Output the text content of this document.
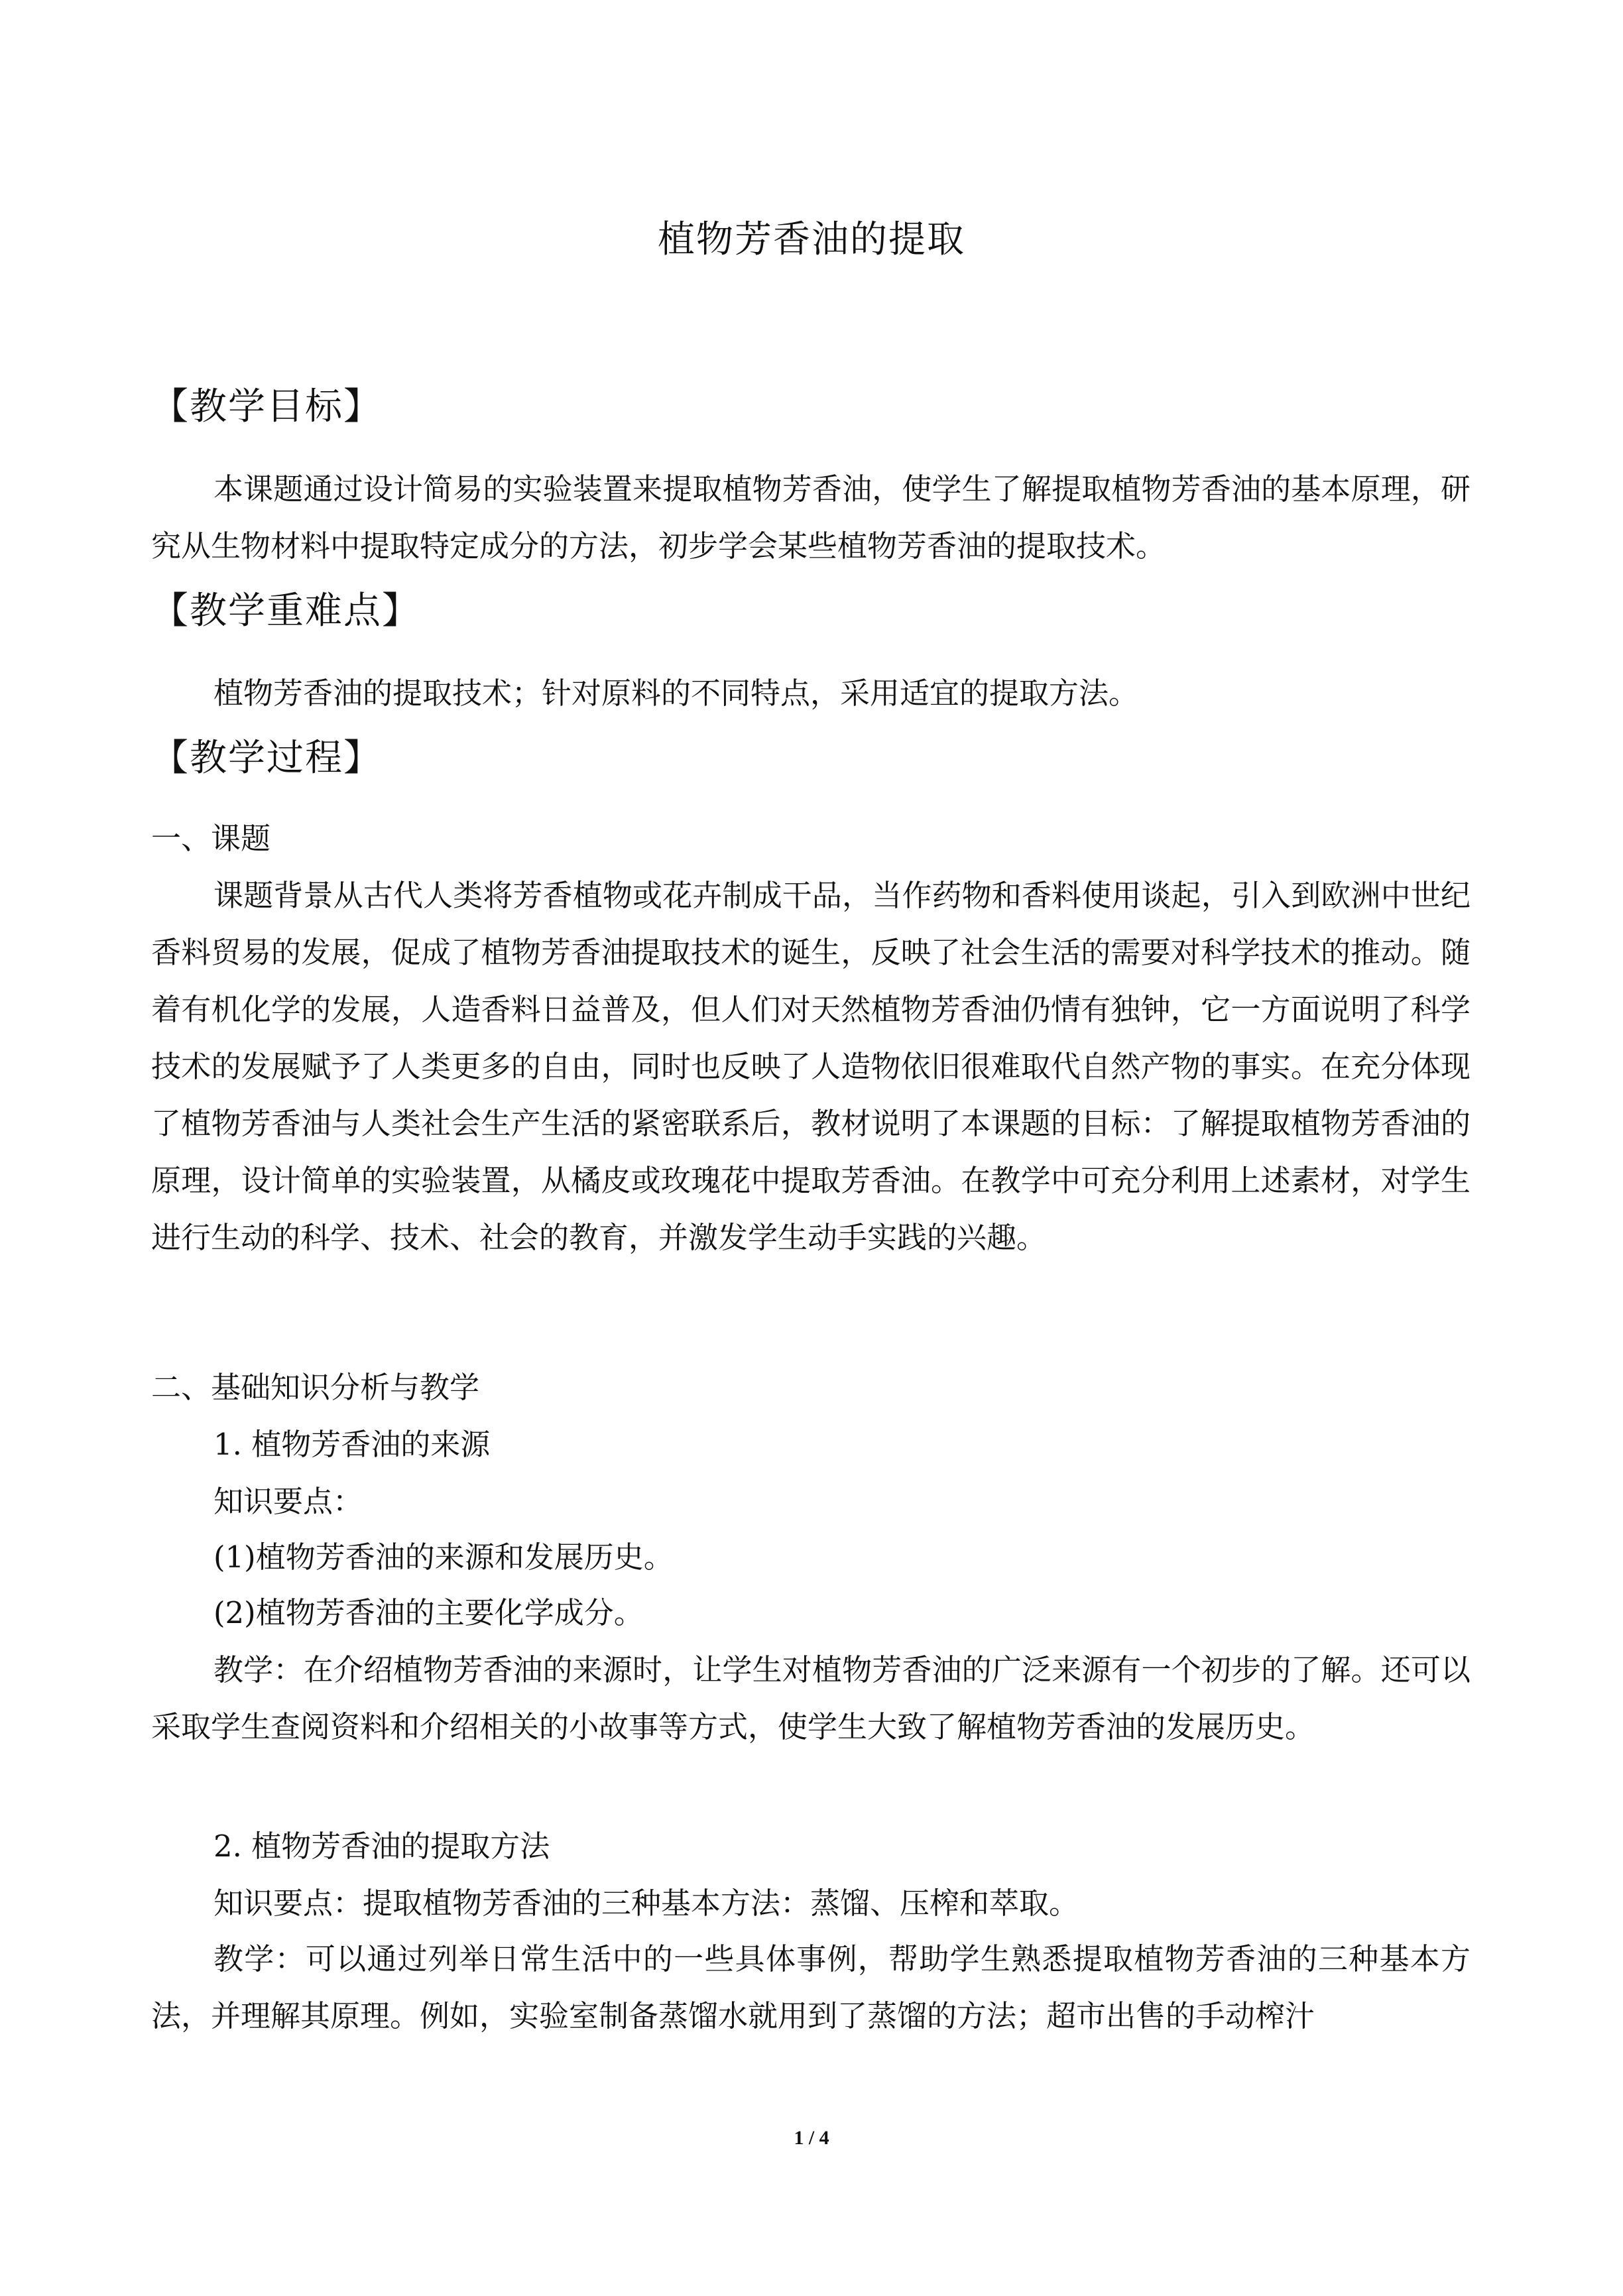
植物芳香油的提取
【教学目标】

本课题通过设计简易的实验装置来提取植物芳香油，使学生了解提取植物芳香油的基本原理，研究从生物材料中提取特定成分的方法，初步学会某些植物芳香油的提取技术。

【教学重难点】

植物芳香油的提取技术；针对原料的不同特点，采用适宜的提取方法。

【教学过程】
一、课题

课题背景从古代人类将芳香植物或花卉制成干品，当作药物和香料使用谈起，引入到欧洲中世纪香料贸易的发展，促成了植物芳香油提取技术的诞生，反映了社会生活的需要对科学技术的推动。随着有机化学的发展，人造香料日益普及，但人们对天然植物芳香油仍情有独钟，它一方面说明了科学技术的发展赋予了人类更多的自由，同时也反映了人造物依旧很难取代自然产物的事实。在充分体现了植物芳香油与人类社会生产生活的紧密联系后，教材说明了本课题的目标：了解提取植物芳香油的原理，设计简单的实验装置，从橘皮或玫瑰花中提取芳香油。在教学中可充分利用上述素材，对学生进行生动的科学、技术、社会的教育，并激发学生动手实践的兴趣。

二、基础知识分析与教学
1. 植物芳香油的来源
知识要点：
(1)植物芳香油的来源和发展历史。
(2)植物芳香油的主要化学成分。

教学：在介绍植物芳香油的来源时，让学生对植物芳香油的广泛来源有一个初步的了解。还可以采取学生查阅资料和介绍相关的小故事等方式，使学生大致了解植物芳香油的发展历史。

2. 植物芳香油的提取方法
知识要点：提取植物芳香油的三种基本方法：蒸馏、压榨和萃取。

教学：可以通过列举日常生活中的一些具体事例，帮助学生熟悉提取植物芳香油的三种基本方法，并理解其原理。例如，实验室制备蒸馏水就用到了蒸馏的方法；超市出售的手动榨汁

1 / 4
